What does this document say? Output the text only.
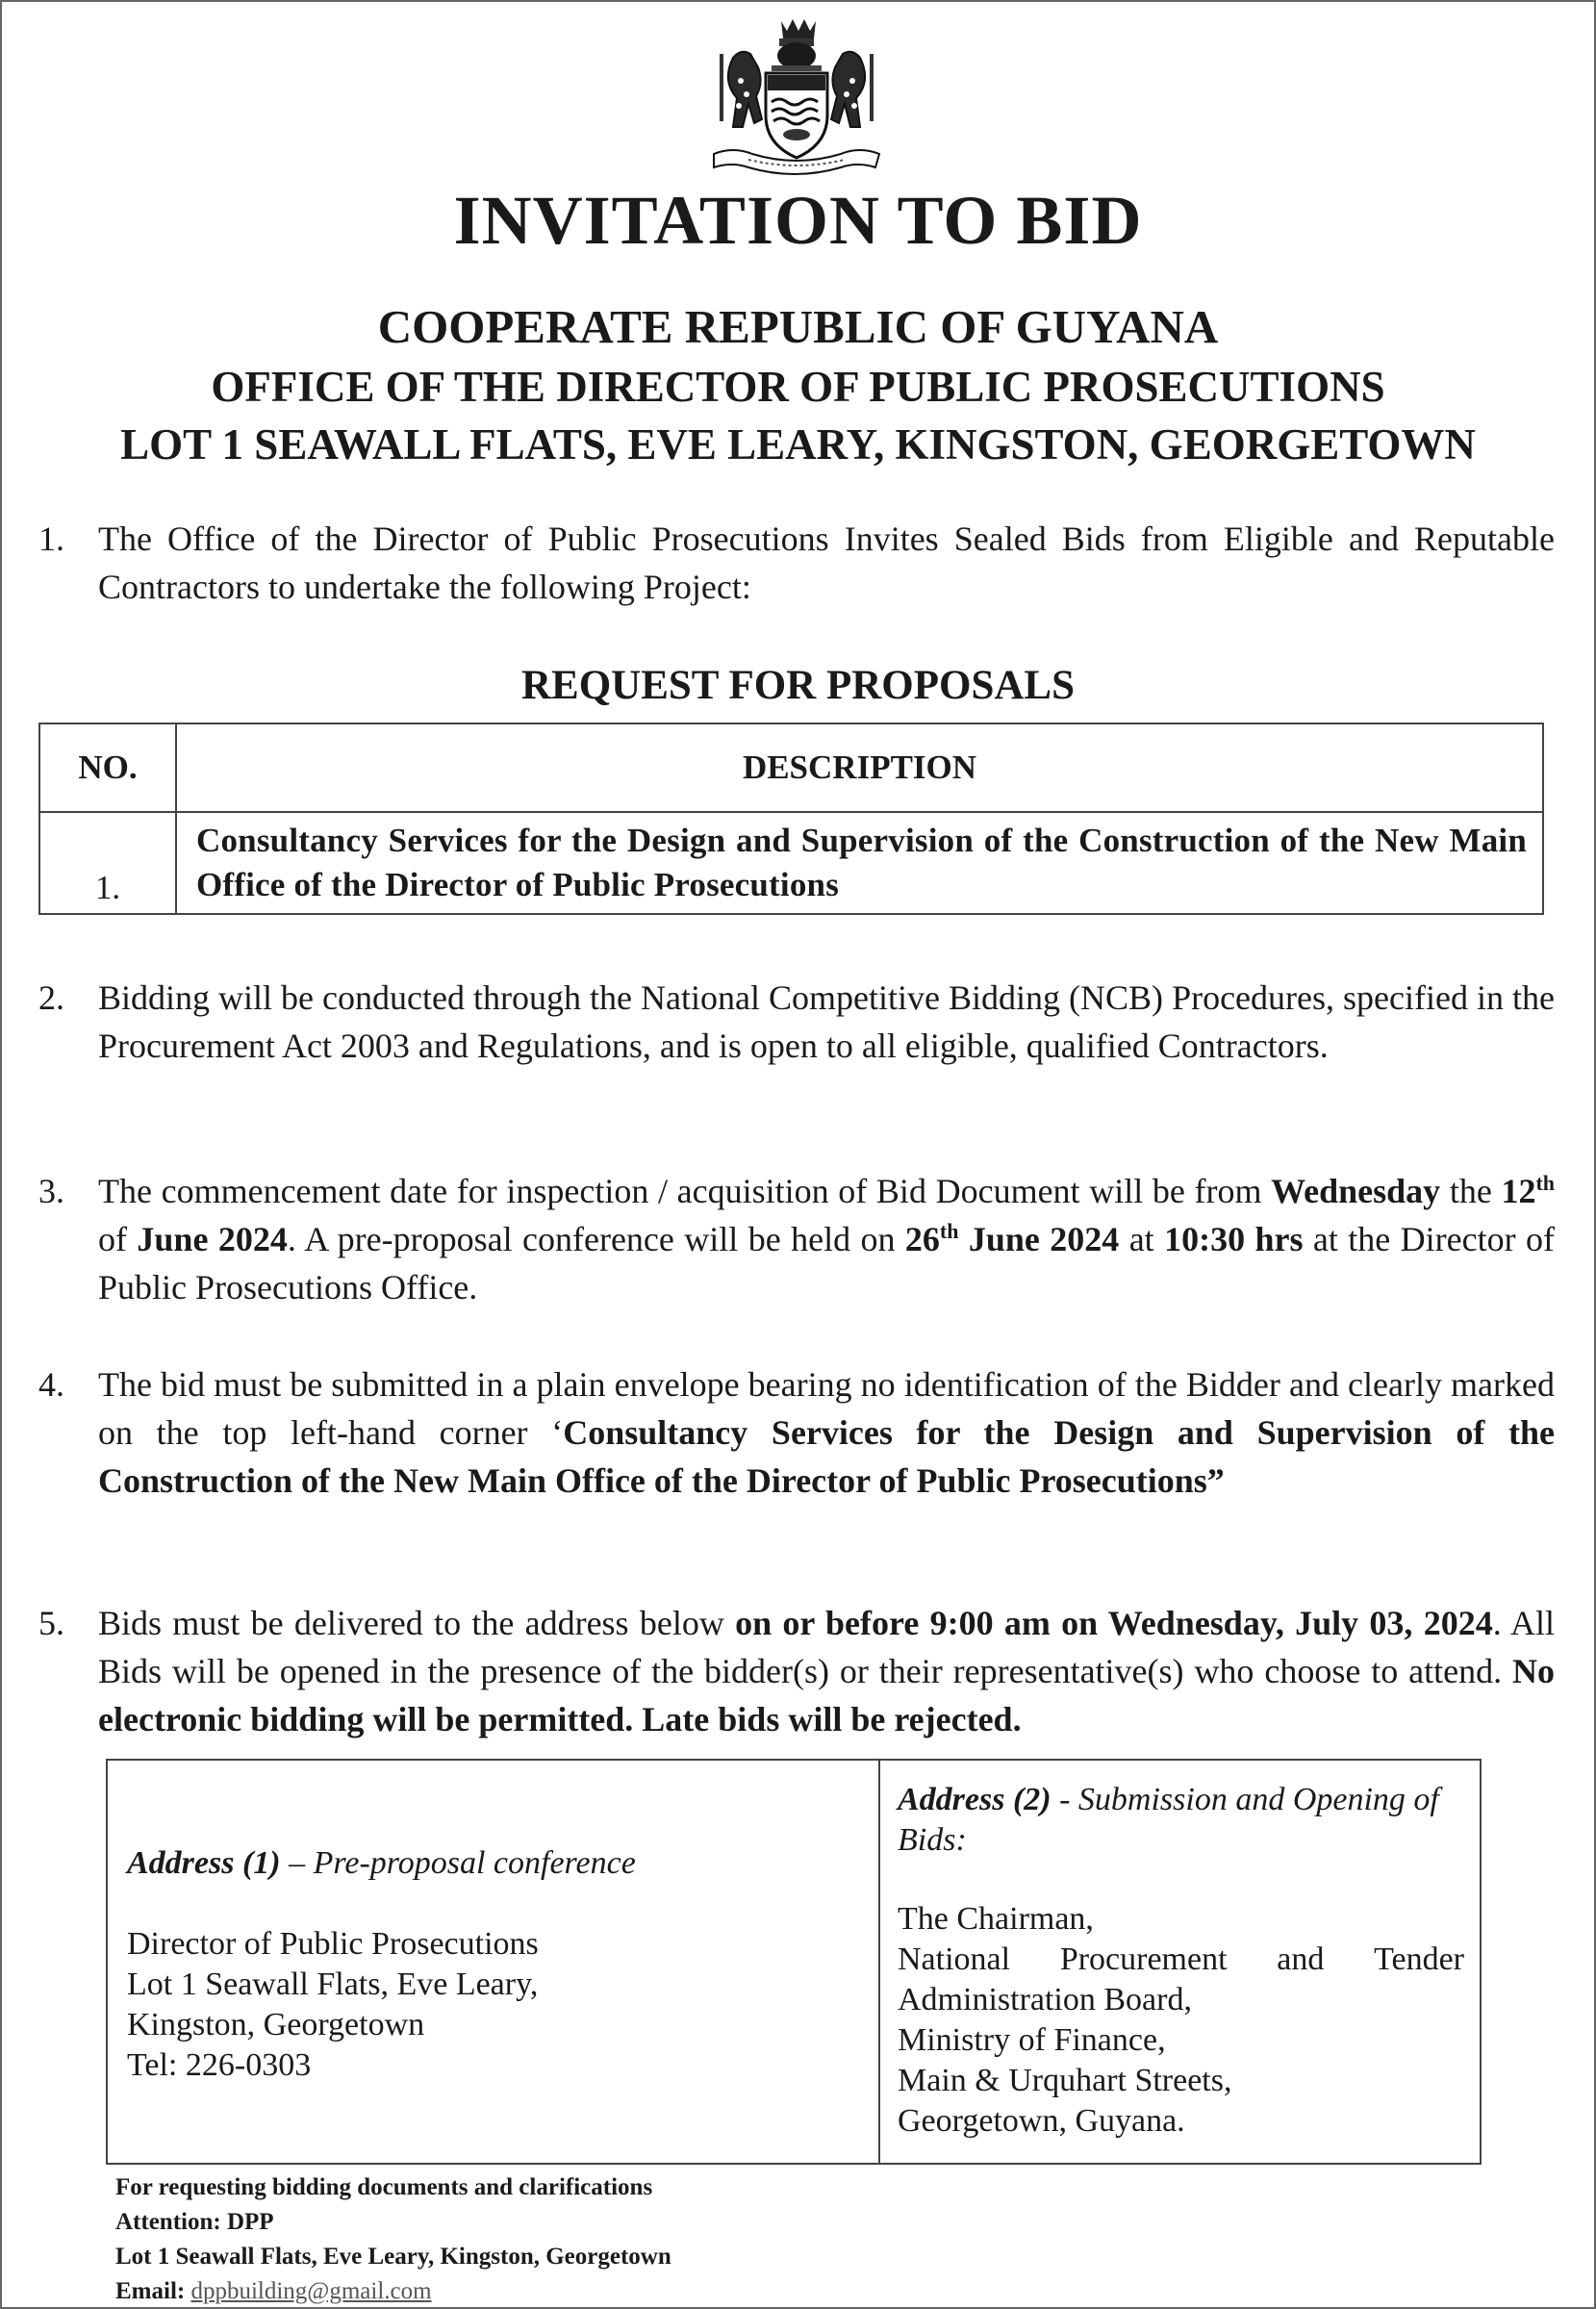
INVITATION TO BID
COOPERATE REPUBLIC OF GUYANA
OFFICE OF THE DIRECTOR OF PUBLIC PROSECUTIONS
LOT 1 SEAWALL FLATS, EVE LEARY, KINGSTON, GEORGETOWN
1. The Office of the Director of Public Prosecutions Invites Sealed Bids from Eligible and Reputable Contractors to undertake the following Project:
REQUEST FOR PROPOSALS
NO.	DESCRIPTION
1.	Consultancy Services for the Design and Supervision of the Construction of the New Main Office of the Director of Public Prosecutions
2. Bidding will be conducted through the National Competitive Bidding (NCB) Procedures, specified in the Procurement Act 2003 and Regulations, and is open to all eligible, qualified Contractors.
3. The commencement date for inspection / acquisition of Bid Document will be from Wednesday the 12th of June 2024. A pre-proposal conference will be held on 26th June 2024 at 10:30 hrs at the Director of Public Prosecutions Office.
4. The bid must be submitted in a plain envelope bearing no identification of the Bidder and clearly marked on the top left-hand corner ‘Consultancy Services for the Design and Supervision of the Construction of the New Main Office of the Director of Public Prosecutions”
5. Bids must be delivered to the address below on or before 9:00 am on Wednesday, July 03, 2024. All Bids will be opened in the presence of the bidder(s) or their representative(s) who choose to attend. No electronic bidding will be permitted. Late bids will be rejected.
Address (1) – Pre-proposal conference
Director of Public Prosecutions
Lot 1 Seawall Flats, Eve Leary,
Kingston, Georgetown
Tel: 226-0303
Address (2) - Submission and Opening of Bids:
The Chairman,
National Procurement and Tender
Administration Board,
Ministry of Finance,
Main & Urquhart Streets,
Georgetown, Guyana.
For requesting bidding documents and clarifications
Attention: DPP
Lot 1 Seawall Flats, Eve Leary, Kingston, Georgetown
Email: dppbuilding@gmail.com
